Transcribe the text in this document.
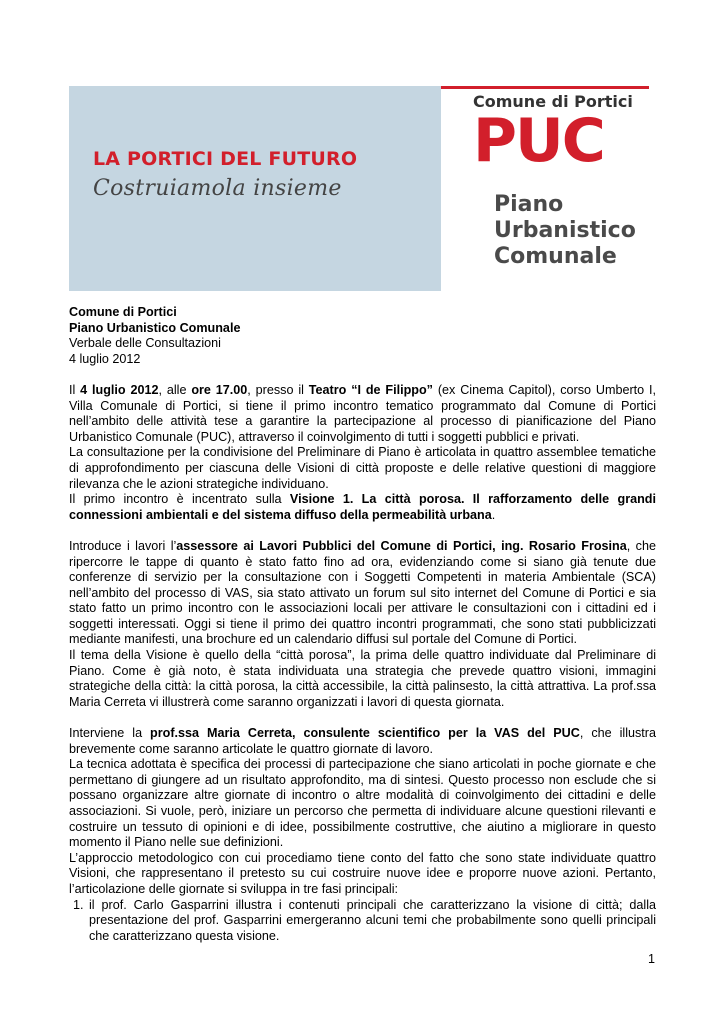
LA PORTICI DEL FUTURO
Costruiamola insieme
Comune di Portici
PUC
Piano
Urbanistico
Comunale

Comune di Portici

Piano Urbanistico Comunale

Verbale delle Consultazioni

4 luglio 2012

Il 4 luglio 2012, alle ore 17.00, presso il Teatro “I de Filippo” (ex Cinema Capitol), corso Umberto I, Villa Comunale di Portici, si tiene il primo incontro tematico programmato dal Comune di Portici nell’ambito delle attività tese a garantire la partecipazione al processo di pianificazione del Piano Urbanistico Comunale (PUC), attraverso il coinvolgimento di tutti i soggetti pubblici e privati.

La consultazione per la condivisione del Preliminare di Piano è articolata in quattro assemblee tematiche di approfondimento per ciascuna delle Visioni di città proposte e delle relative questioni di maggiore rilevanza che le azioni strategiche individuano.

Il primo incontro è incentrato sulla Visione 1. La città porosa. Il rafforzamento delle grandi connessioni ambientali e del sistema diffuso della permeabilità urbana.

Introduce i lavori l’assessore ai Lavori Pubblici del Comune di Portici, ing. Rosario Frosina, che ripercorre le tappe di quanto è stato fatto fino ad ora, evidenziando come si siano già tenute due conferenze di servizio per la consultazione con i Soggetti Competenti in materia Ambientale (SCA) nell’ambito del processo di VAS, sia stato attivato un forum sul sito internet del Comune di Portici e sia stato fatto un primo incontro con le associazioni locali per attivare le consultazioni con i cittadini ed i soggetti interessati. Oggi si tiene il primo dei quattro incontri programmati, che sono stati pubblicizzati mediante manifesti, una brochure ed un calendario diffusi sul portale del Comune di Portici.

Il tema della Visione è quello della “città porosa”, la prima delle quattro individuate dal Preliminare di Piano. Come è già noto, è stata individuata una strategia che prevede quattro visioni, immagini strategiche della città: la città porosa, la città accessibile, la città palinsesto, la città attrattiva. La prof.ssa Maria Cerreta vi illustrerà come saranno organizzati i lavori di questa giornata.

Interviene la prof.ssa Maria Cerreta, consulente scientifico per la VAS del PUC, che illustra brevemente come saranno articolate le quattro giornate di lavoro.

La tecnica adottata è specifica dei processi di partecipazione che siano articolati in poche giornate e che permettano di giungere ad un risultato approfondito, ma di sintesi. Questo processo non esclude che si possano organizzare altre giornate di incontro o altre modalità di coinvolgimento dei cittadini e delle associazioni. Si vuole, però, iniziare un percorso che permetta di individuare alcune questioni rilevanti e costruire un tessuto di opinioni e di idee, possibilmente costruttive, che aiutino a migliorare in questo momento il Piano nelle sue definizioni.

L’approccio metodologico con cui procediamo tiene conto del fatto che sono state individuate quattro Visioni, che rappresentano il pretesto su cui costruire nuove idee e proporre nuove azioni. Pertanto, l’articolazione delle giornate si sviluppa in tre fasi principali:

1. il prof. Carlo Gasparrini illustra i contenuti principali che caratterizzano la visione di città; dalla presentazione del prof. Gasparrini emergeranno alcuni temi che probabilmente sono quelli principali che caratterizzano questa visione.
1
